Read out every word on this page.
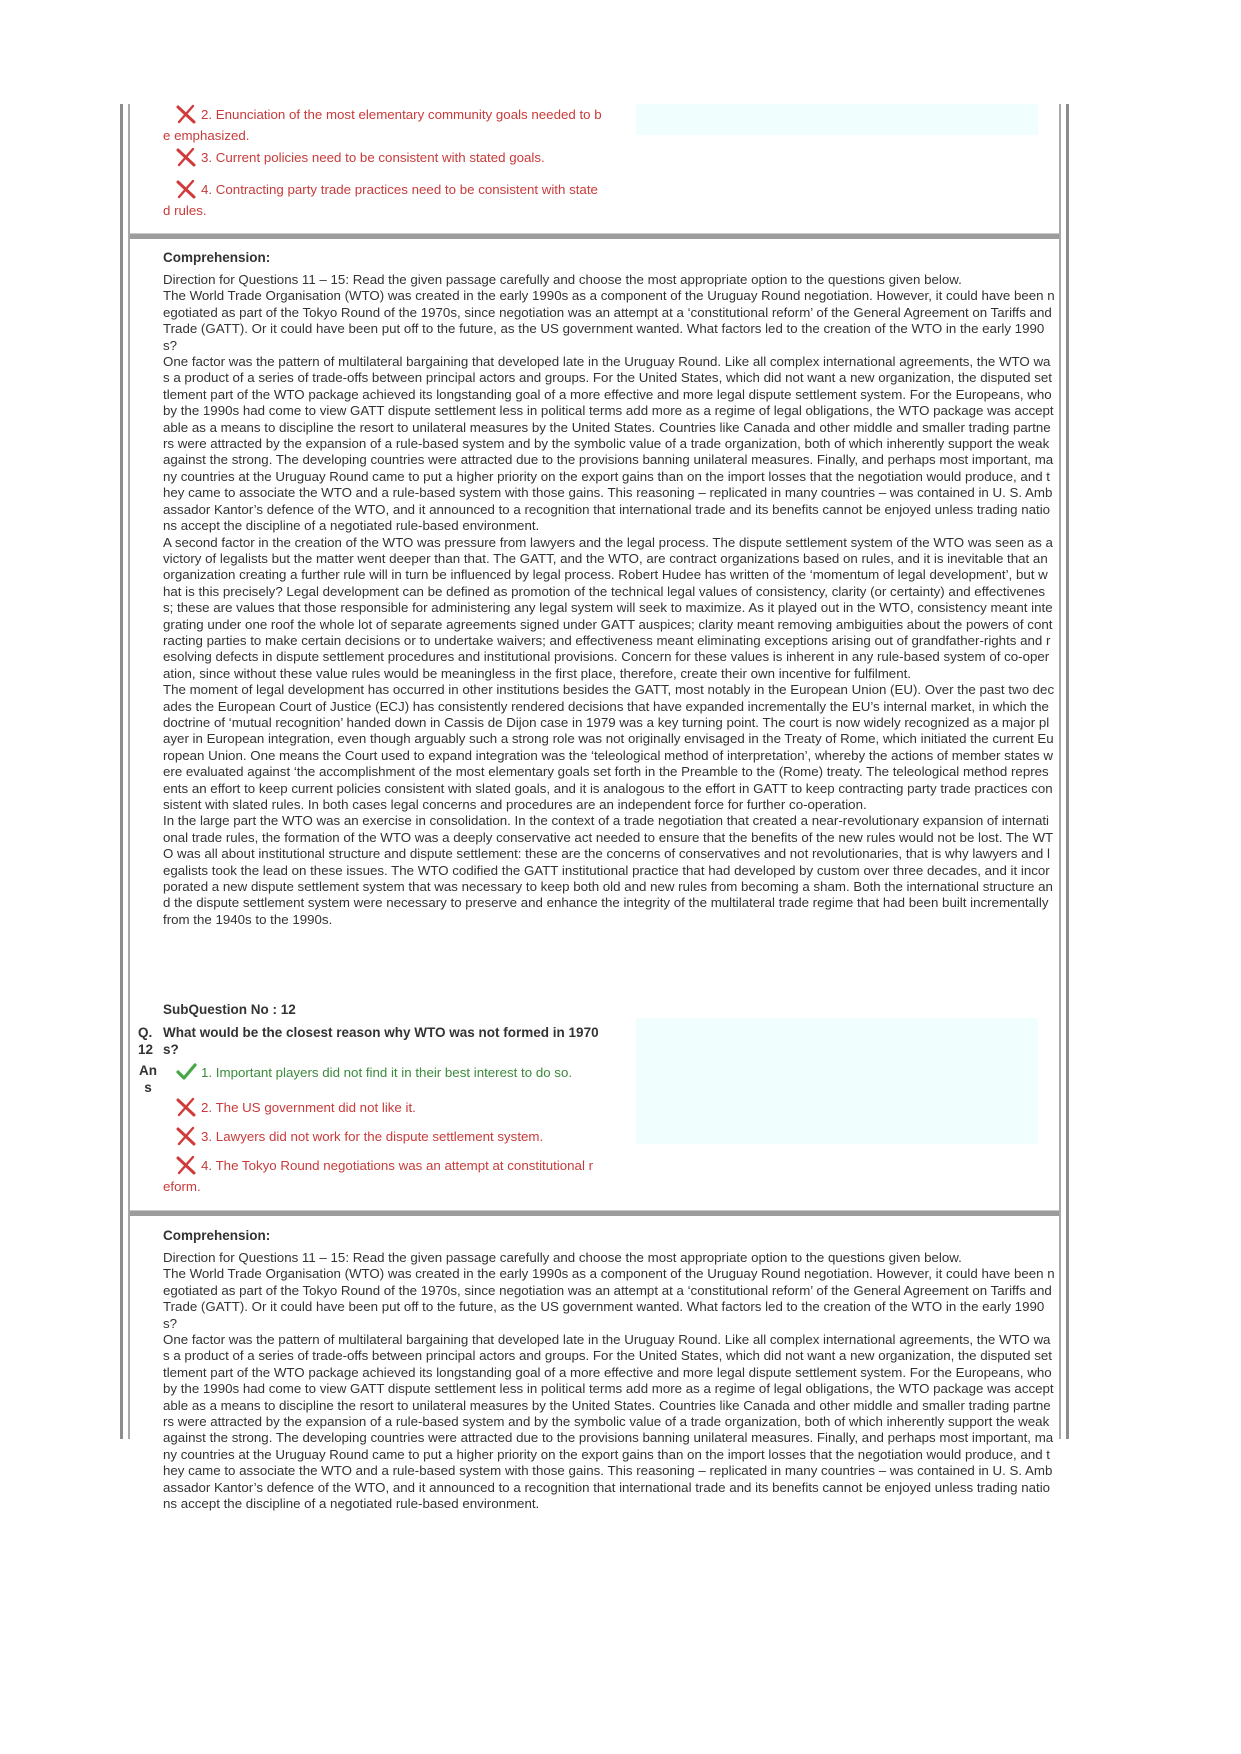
2. Enunciation of the most elementary community goals needed to b
e emphasized.
3. Current policies need to be consistent with stated goals.
4. Contracting party trade practices need to be consistent with state
d rules.
Comprehension:

Direction for Questions 11 – 15: Read the given passage carefully and choose the most appropriate option to the questions given below.

The World Trade Organisation (WTO) was created in the early 1990s as a component of the Uruguay Round negotiation. However, it could have been negotiated as part of the Tokyo Round of the 1970s, since negotiation was an attempt at a ‘constitutional reform’ of the General Agreement on Tariffs and Trade (GATT). Or it could have been put off to the future, as the US government wanted. What factors led to the creation of the WTO in the early 1990s?

One factor was the pattern of multilateral bargaining that developed late in the Uruguay Round. Like all complex international agreements, the WTO was a product of a series of trade-offs between principal actors and groups. For the United States, which did not want a new organization, the disputed settlement part of the WTO package achieved its longstanding goal of a more effective and more legal dispute settlement system. For the Europeans, who by the 1990s had come to view GATT dispute settlement less in political terms add more as a regime of legal obligations, the WTO package was acceptable as a means to discipline the resort to unilateral measures by the United States. Countries like Canada and other middle and smaller trading partners were attracted by the expansion of a rule-based system and by the symbolic value of a trade organization, both of which inherently support the weak against the strong. The developing countries were attracted due to the provisions banning unilateral measures. Finally, and perhaps most important, many countries at the Uruguay Round came to put a higher priority on the export gains than on the import losses that the negotiation would produce, and they came to associate the WTO and a rule-based system with those gains. This reasoning – replicated in many countries – was contained in U. S. Ambassador Kantor’s defence of the WTO, and it announced to a recognition that international trade and its benefits cannot be enjoyed unless trading nations accept the discipline of a negotiated rule-based environment.

A second factor in the creation of the WTO was pressure from lawyers and the legal process. The dispute settlement system of the WTO was seen as a victory of legalists but the matter went deeper than that. The GATT, and the WTO, are contract organizations based on rules, and it is inevitable that an organization creating a further rule will in turn be influenced by legal process. Robert Hudee has written of the ‘momentum of legal development’, but what is this precisely? Legal development can be defined as promotion of the technical legal values of consistency, clarity (or certainty) and effectiveness; these are values that those responsible for administering any legal system will seek to maximize. As it played out in the WTO, consistency meant integrating under one roof the whole lot of separate agreements signed under GATT auspices; clarity meant removing ambiguities about the powers of contracting parties to make certain decisions or to undertake waivers; and effectiveness meant eliminating exceptions arising out of grandfather-rights and resolving defects in dispute settlement procedures and institutional provisions. Concern for these values is inherent in any rule-based system of co-operation, since without these value rules would be meaningless in the first place, therefore, create their own incentive for fulfilment.

The moment of legal development has occurred in other institutions besides the GATT, most notably in the European Union (EU). Over the past two decades the European Court of Justice (ECJ) has consistently rendered decisions that have expanded incrementally the EU’s internal market, in which the doctrine of ‘mutual recognition’ handed down in Cassis de Dijon case in 1979 was a key turning point. The court is now widely recognized as a major player in European integration, even though arguably such a strong role was not originally envisaged in the Treaty of Rome, which initiated the current European Union. One means the Court used to expand integration was the ‘teleological method of interpretation’, whereby the actions of member states were evaluated against ‘the accomplishment of the most elementary goals set forth in the Preamble to the (Rome) treaty. The teleological method represents an effort to keep current policies consistent with slated goals, and it is analogous to the effort in GATT to keep contracting party trade practices consistent with slated rules. In both cases legal concerns and procedures are an independent force for further co-operation.

In the large part the WTO was an exercise in consolidation. In the context of a trade negotiation that created a near-revolutionary expansion of international trade rules, the formation of the WTO was a deeply conservative act needed to ensure that the benefits of the new rules would not be lost. The WTO was all about institutional structure and dispute settlement: these are the concerns of conservatives and not revolutionaries, that is why lawyers and legalists took the lead on these issues. The WTO codified the GATT institutional practice that had developed by custom over three decades, and it incorporated a new dispute settlement system that was necessary to keep both old and new rules from becoming a sham. Both the international structure and the dispute settlement system were necessary to preserve and enhance the integrity of the multilateral trade regime that had been built incrementally from the 1940s to the 1990s.

SubQuestion No : 12
Q.
12
What would be the closest reason why WTO was not formed in 1970
s?
An
s
1. Important players did not find it in their best interest to do so.
2. The US government did not like it.
3. Lawyers did not work for the dispute settlement system.
4. The Tokyo Round negotiations was an attempt at constitutional r
eform.
Comprehension:

Direction for Questions 11 – 15: Read the given passage carefully and choose the most appropriate option to the questions given below.

The World Trade Organisation (WTO) was created in the early 1990s as a component of the Uruguay Round negotiation. However, it could have been negotiated as part of the Tokyo Round of the 1970s, since negotiation was an attempt at a ‘constitutional reform’ of the General Agreement on Tariffs and Trade (GATT). Or it could have been put off to the future, as the US government wanted. What factors led to the creation of the WTO in the early 1990s?

One factor was the pattern of multilateral bargaining that developed late in the Uruguay Round. Like all complex international agreements, the WTO was a product of a series of trade-offs between principal actors and groups. For the United States, which did not want a new organization, the disputed settlement part of the WTO package achieved its longstanding goal of a more effective and more legal dispute settlement system. For the Europeans, who by the 1990s had come to view GATT dispute settlement less in political terms add more as a regime of legal obligations, the WTO package was acceptable as a means to discipline the resort to unilateral measures by the United States. Countries like Canada and other middle and smaller trading partners were attracted by the expansion of a rule-based system and by the symbolic value of a trade organization, both of which inherently support the weak against the strong. The developing countries were attracted due to the provisions banning unilateral measures. Finally, and perhaps most important, many countries at the Uruguay Round came to put a higher priority on the export gains than on the import losses that the negotiation would produce, and they came to associate the WTO and a rule-based system with those gains. This reasoning – replicated in many countries – was contained in U. S. Ambassador Kantor’s defence of the WTO, and it announced to a recognition that international trade and its benefits cannot be enjoyed unless trading nations accept the discipline of a negotiated rule-based environment.
